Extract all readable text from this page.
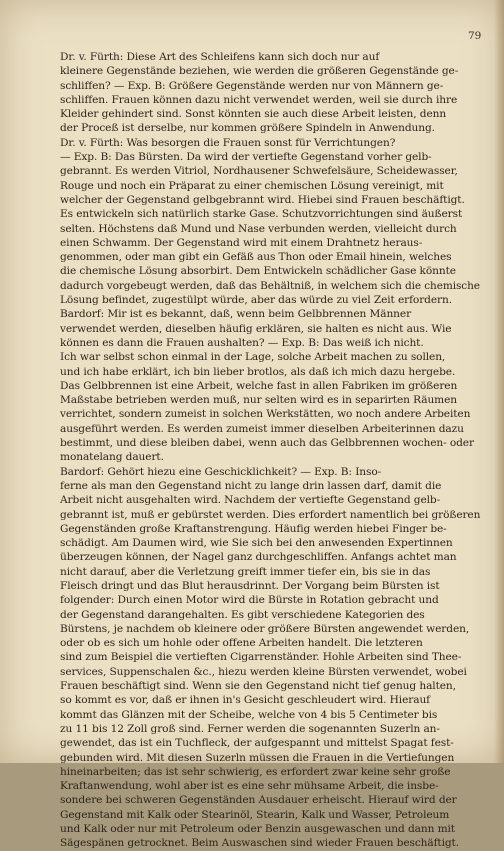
79
Dr. v. Fürth: Diese Art des Schleifens kann sich doch nur auf
kleinere Gegenstände beziehen, wie werden die größeren Gegenstände ge-
schliffen? — Exp. B: Größere Gegenstände werden nur von Männern ge-
schliffen. Frauen können dazu nicht verwendet werden, weil sie durch ihre
Kleider gehindert sind. Sonst könnten sie auch diese Arbeit leisten, denn
der Proceß ist derselbe, nur kommen größere Spindeln in Anwendung.
Dr. v. Fürth: Was besorgen die Frauen sonst für Verrichtungen?
— Exp. B: Das Bürsten. Da wird der vertiefte Gegenstand vorher gelb-
gebrannt. Es werden Vitriol, Nordhausener Schwefelsäure, Scheidewasser,
Rouge und noch ein Präparat zu einer chemischen Lösung vereinigt, mit
welcher der Gegenstand gelbgebrannt wird. Hiebei sind Frauen beschäftigt.
Es entwickeln sich natürlich starke Gase. Schutzvorrichtungen sind äußerst
selten. Höchstens daß Mund und Nase verbunden werden, vielleicht durch
einen Schwamm. Der Gegenstand wird mit einem Drahtnetz heraus-
genommen, oder man gibt ein Gefäß aus Thon oder Email hinein, welches
die chemische Lösung absorbirt. Dem Entwickeln schädlicher Gase könnte
dadurch vorgebeugt werden, daß das Behältniß, in welchem sich die chemische
Lösung befindet, zugestülpt würde, aber das würde zu viel Zeit erfordern.
Bardorf: Mir ist es bekannt, daß, wenn beim Gelbbrennen Männer
verwendet werden, dieselben häufig erklären, sie halten es nicht aus. Wie
können es dann die Frauen aushalten? — Exp. B: Das weiß ich nicht.
Ich war selbst schon einmal in der Lage, solche Arbeit machen zu sollen,
und ich habe erklärt, ich bin lieber brotlos, als daß ich mich dazu hergebe.
Das Gelbbrennen ist eine Arbeit, welche fast in allen Fabriken im größeren
Maßstabe betrieben werden muß, nur selten wird es in separirten Räumen
verrichtet, sondern zumeist in solchen Werkstätten, wo noch andere Arbeiten
ausgeführt werden. Es werden zumeist immer dieselben Arbeiterinnen dazu
bestimmt, und diese bleiben dabei, wenn auch das Gelbbrennen wochen- oder
monatelang dauert.
Bardorf: Gehört hiezu eine Geschicklichkeit? — Exp. B: Inso-
ferne als man den Gegenstand nicht zu lange drin lassen darf, damit die
Arbeit nicht ausgehalten wird. Nachdem der vertiefte Gegenstand gelb-
gebrannt ist, muß er gebürstet werden. Dies erfordert namentlich bei größeren
Gegenständen große Kraftanstrengung. Häufig werden hiebei Finger be-
schädigt. Am Daumen wird, wie Sie sich bei den anwesenden Expertinnen
überzeugen können, der Nagel ganz durchgeschliffen. Anfangs achtet man
nicht darauf, aber die Verletzung greift immer tiefer ein, bis sie in das
Fleisch dringt und das Blut herausdrinnt. Der Vorgang beim Bürsten ist
folgender: Durch einen Motor wird die Bürste in Rotation gebracht und
der Gegenstand darangehalten. Es gibt verschiedene Kategorien des
Bürstens, je nachdem ob kleinere oder größere Bürsten angewendet werden,
oder ob es sich um hohle oder offene Arbeiten handelt. Die letzteren
sind zum Beispiel die vertieften Cigarrenständer. Hohle Arbeiten sind Thee-
services, Suppenschalen &c., hiezu werden kleine Bürsten verwendet, wobei
Frauen beschäftigt sind. Wenn sie den Gegenstand nicht tief genug halten,
so kommt es vor, daß er ihnen in's Gesicht geschleudert wird. Hierauf
kommt das Glänzen mit der Scheibe, welche von 4 bis 5 Centimeter bis
zu 11 bis 12 Zoll groß sind. Ferner werden die sogenannten Suzerln an-
gewendet, das ist ein Tuchfleck, der aufgespannt und mittelst Spagat fest-
gebunden wird. Mit diesen Suzerln müssen die Frauen in die Vertiefungen
hineinarbeiten; das ist sehr schwierig, es erfordert zwar keine sehr große
Kraftanwendung, wohl aber ist es eine sehr mühsame Arbeit, die insbe-
sondere bei schweren Gegenständen Ausdauer erheischt. Hierauf wird der
Gegenstand mit Kalk oder Stearinöl, Stearin, Kalk und Wasser, Petroleum
und Kalk oder nur mit Petroleum oder Benzin ausgewaschen und dann mit
Sägespänen getrocknet. Beim Auswaschen sind wieder Frauen beschäftigt.
